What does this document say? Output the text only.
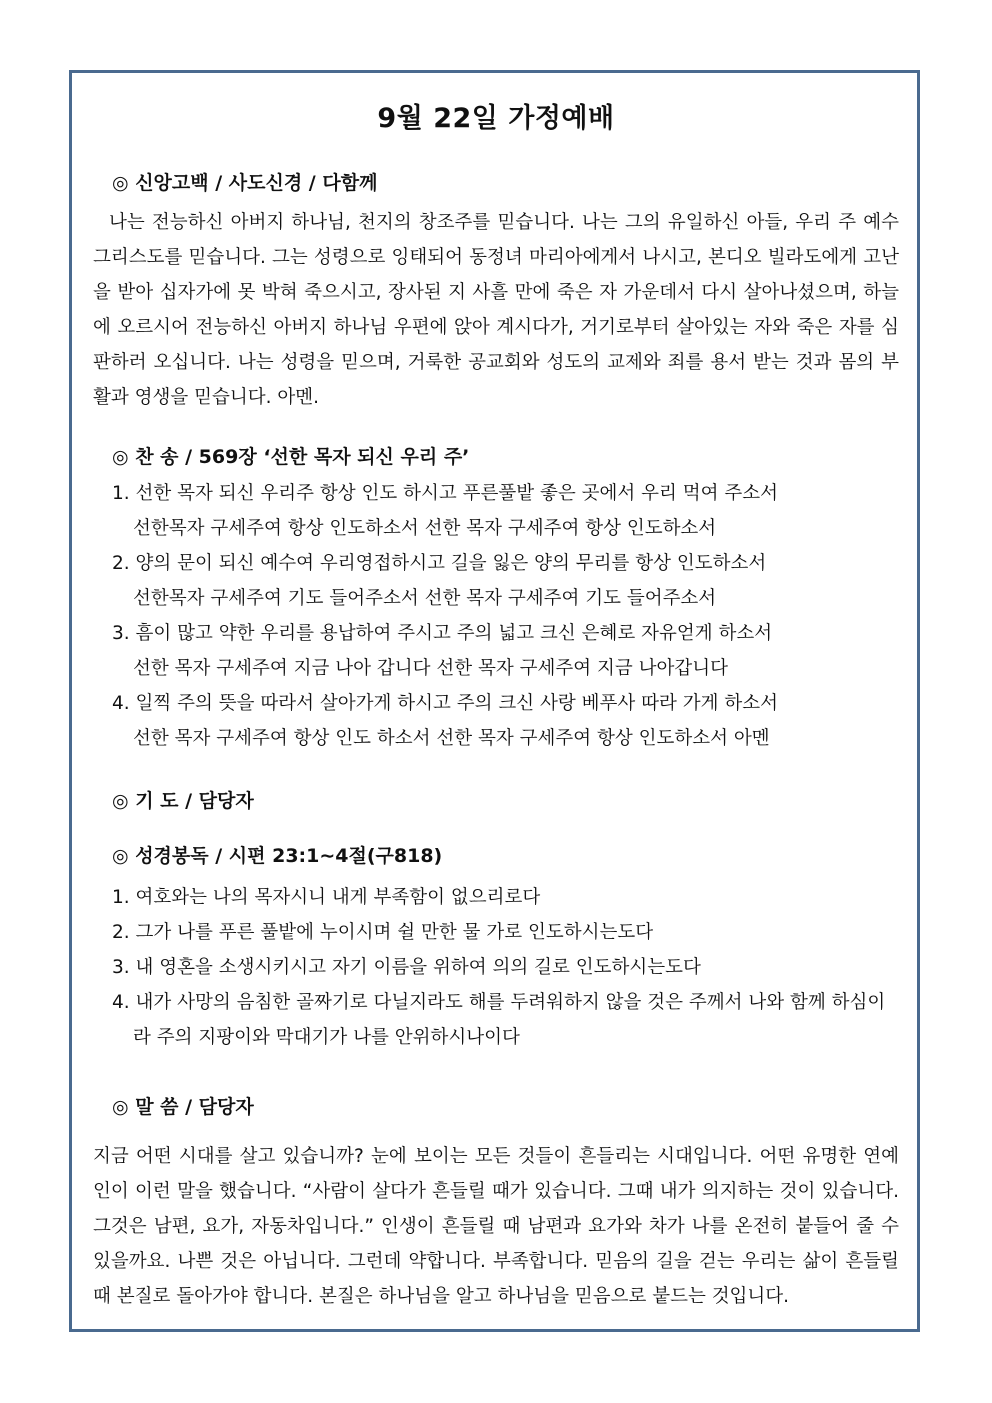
9월 22일 가정예배
◎ 신앙고백 / 사도신경 / 다함께
나는 전능하신 아버지 하나님, 천지의 창조주를 믿습니다. 나는 그의 유일하신 아들, 우리 주 예수 그리스도를 믿습니다. 그는 성령으로 잉태되어 동정녀 마리아에게서 나시고, 본디오 빌라도에게 고난을 받아 십자가에 못 박혀 죽으시고, 장사된 지 사흘 만에 죽은 자 가운데서 다시 살아나셨으며, 하늘에 오르시어 전능하신 아버지 하나님 우편에 앉아 계시다가, 거기로부터 살아있는 자와 죽은 자를 심판하러 오십니다. 나는 성령을 믿으며, 거룩한 공교회와 성도의 교제와 죄를 용서 받는 것과 몸의 부활과 영생을 믿습니다. 아멘.
◎ 찬 송 / 569장 ‘선한 목자 되신 우리 주’
1. 선한 목자 되신 우리주 항상 인도 하시고 푸른풀밭 좋은 곳에서 우리 먹여 주소서
선한목자 구세주여 항상 인도하소서 선한 목자 구세주여 항상 인도하소서
2. 양의 문이 되신 예수여 우리영접하시고 길을 잃은 양의 무리를 항상 인도하소서
선한목자 구세주여 기도 들어주소서 선한 목자 구세주여 기도 들어주소서
3. 흠이 많고 약한 우리를 용납하여 주시고 주의 넓고 크신 은혜로 자유얻게 하소서
선한 목자 구세주여 지금 나아 갑니다 선한 목자 구세주여 지금 나아갑니다
4. 일찍 주의 뜻을 따라서 살아가게 하시고 주의 크신 사랑 베푸사 따라 가게 하소서
선한 목자 구세주여 항상 인도 하소서 선한 목자 구세주여 항상 인도하소서 아멘
◎ 기 도 / 담당자
◎ 성경봉독 / 시편 23:1∼4절(구818)
1. 여호와는 나의 목자시니 내게 부족함이 없으리로다
2. 그가 나를 푸른 풀밭에 누이시며 쉴 만한 물 가로 인도하시는도다
3. 내 영혼을 소생시키시고 자기 이름을 위하여 의의 길로 인도하시는도다
4. 내가 사망의 음침한 골짜기로 다닐지라도 해를 두려워하지 않을 것은 주께서 나와 함께 하심이라 주의 지팡이와 막대기가 나를 안위하시나이다
◎ 말 씀 / 담당자
지금 어떤 시대를 살고 있습니까? 눈에 보이는 모든 것들이 흔들리는 시대입니다. 어떤 유명한 연예인이 이런 말을 했습니다. “사람이 살다가 흔들릴 때가 있습니다. 그때 내가 의지하는 것이 있습니다. 그것은 남편, 요가, 자동차입니다.” 인생이 흔들릴 때 남편과 요가와 차가 나를 온전히 붙들어 줄 수 있을까요. 나쁜 것은 아닙니다. 그런데 약합니다. 부족합니다. 믿음의 길을 걷는 우리는 삶이 흔들릴 때 본질로 돌아가야 합니다. 본질은 하나님을 알고 하나님을 믿음으로 붙드는 것입니다.
